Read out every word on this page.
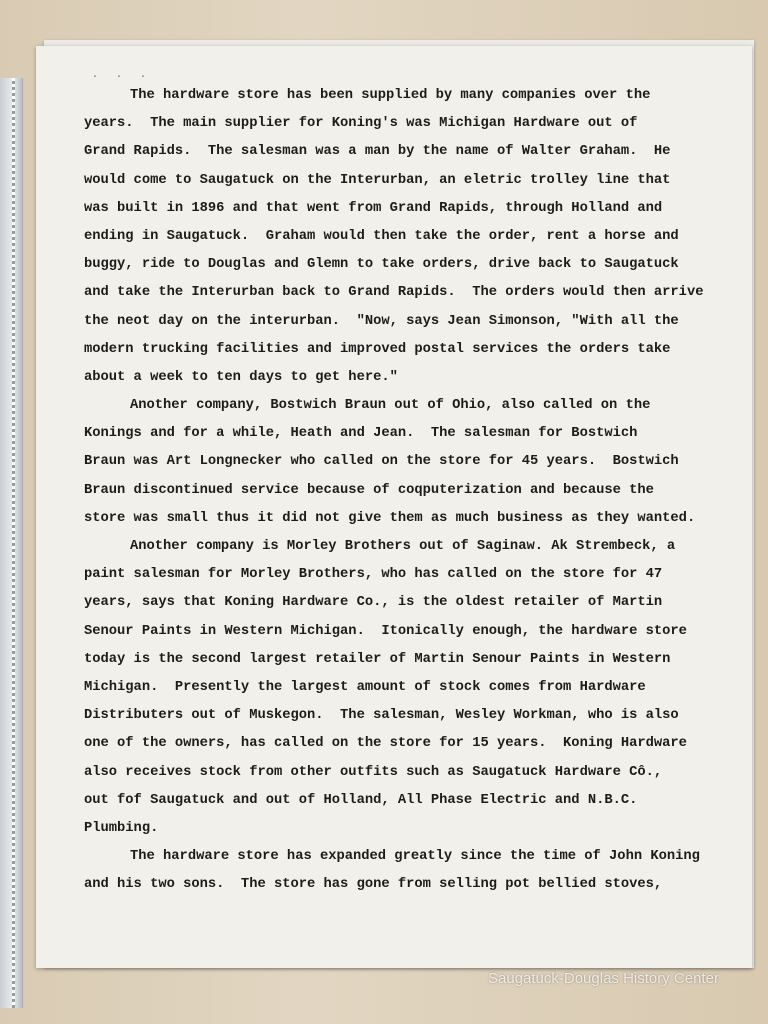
. . .
The hardware store has been supplied by many companies over the
years.  The main supplier for Koning's was Michigan Hardware out of
Grand Rapids.  The salesman was a man by the name of Walter Graham.  He
would come to Saugatuck on the Interurban, an eletric trolley line that
was built in 1896 and that went from Grand Rapids, through Holland and
ending in Saugatuck.  Graham would then take the order, rent a horse and
buggy, ride to Douglas and Glemn to take orders, drive back to Saugatuck
and take the Interurban back to Grand Rapids.  The orders would then arrive
the neot day on the interurban.  "Now, says Jean Simonson, "With all the
modern trucking facilities and improved postal services the orders take
about a week to ten days to get here."
Another company, Bostwich Braun out of Ohio, also called on the
Konings and for a while, Heath and Jean.  The salesman for Bostwich
Braun was Art Longnecker who called on the store for 45 years.  Bostwich
Braun discontinued service because of coqputerization and because the
store was small thus it did not give them as much business as they wanted.
Another company is Morley Brothers out of Saginaw. Ak Strembeck, a
paint salesman for Morley Brothers, who has called on the store for 47
years, says that Koning Hardware Co., is the oldest retailer of Martin
Senour Paints in Western Michigan.  Itonically enough, the hardware store
today is the second largest retailer of Martin Senour Paints in Western
Michigan.  Presently the largest amount of stock comes from Hardware
Distributers out of Muskegon.  The salesman, Wesley Workman, who is also
one of the owners, has called on the store for 15 years.  Koning Hardware
also receives stock from other outfits such as Saugatuck Hardware Cô.,
out fof Saugatuck and out of Holland, All Phase Electric and N.B.C.
Plumbing.
The hardware store has expanded greatly since the time of John Koning
and his two sons.  The store has gone from selling pot bellied stoves,
Saugatuck-Douglas History Center
